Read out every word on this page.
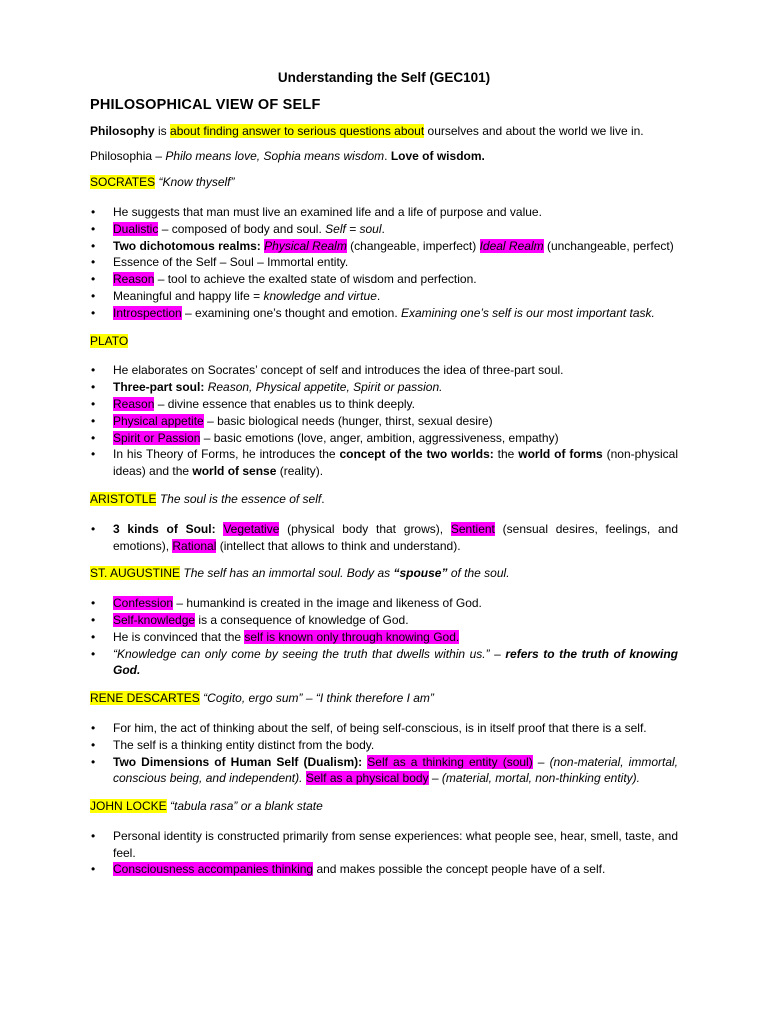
Understanding the Self (GEC101)
PHILOSOPHICAL VIEW OF SELF

Philosophy is about finding answer to serious questions about ourselves and about the world we live in.

Philosophia – Philo means love, Sophia means wisdom. Love of wisdom.

SOCRATES “Know thyself”

• He suggests that man must live an examined life and a life of purpose and value.
• Dualistic – composed of body and soul. Self = soul.
• Two dichotomous realms: Physical Realm (changeable, imperfect) Ideal Realm (unchangeable, perfect)
• Essence of the Self – Soul – Immortal entity.
• Reason – tool to achieve the exalted state of wisdom and perfection.
• Meaningful and happy life = knowledge and virtue.
• Introspection – examining one’s thought and emotion. Examining one’s self is our most important task.

PLATO

• He elaborates on Socrates’ concept of self and introduces the idea of three-part soul.
• Three-part soul: Reason, Physical appetite, Spirit or passion.
• Reason – divine essence that enables us to think deeply.
• Physical appetite – basic biological needs (hunger, thirst, sexual desire)
• Spirit or Passion – basic emotions (love, anger, ambition, aggressiveness, empathy)
• In his Theory of Forms, he introduces the concept of the two worlds: the world of forms (non-physical ideas) and the world of sense (reality).

ARISTOTLE The soul is the essence of self.

• 3 kinds of Soul: Vegetative (physical body that grows), Sentient (sensual desires, feelings, and emotions), Rational (intellect that allows to think and understand).

ST. AUGUSTINE The self has an immortal soul. Body as “spouse” of the soul.

• Confession – humankind is created in the image and likeness of God.
• Self-knowledge is a consequence of knowledge of God.
• He is convinced that the self is known only through knowing God.
• “Knowledge can only come by seeing the truth that dwells within us.” – refers to the truth of knowing God.

RENE DESCARTES “Cogito, ergo sum” – “I think therefore I am”

• For him, the act of thinking about the self, of being self-conscious, is in itself proof that there is a self.
• The self is a thinking entity distinct from the body.
• Two Dimensions of Human Self (Dualism): Self as a thinking entity (soul) – (non-material, immortal, conscious being, and independent). Self as a physical body – (material, mortal, non-thinking entity).

JOHN LOCKE “tabula rasa” or a blank state

• Personal identity is constructed primarily from sense experiences: what people see, hear, smell, taste, and feel.
• Consciousness accompanies thinking and makes possible the concept people have of a self.
